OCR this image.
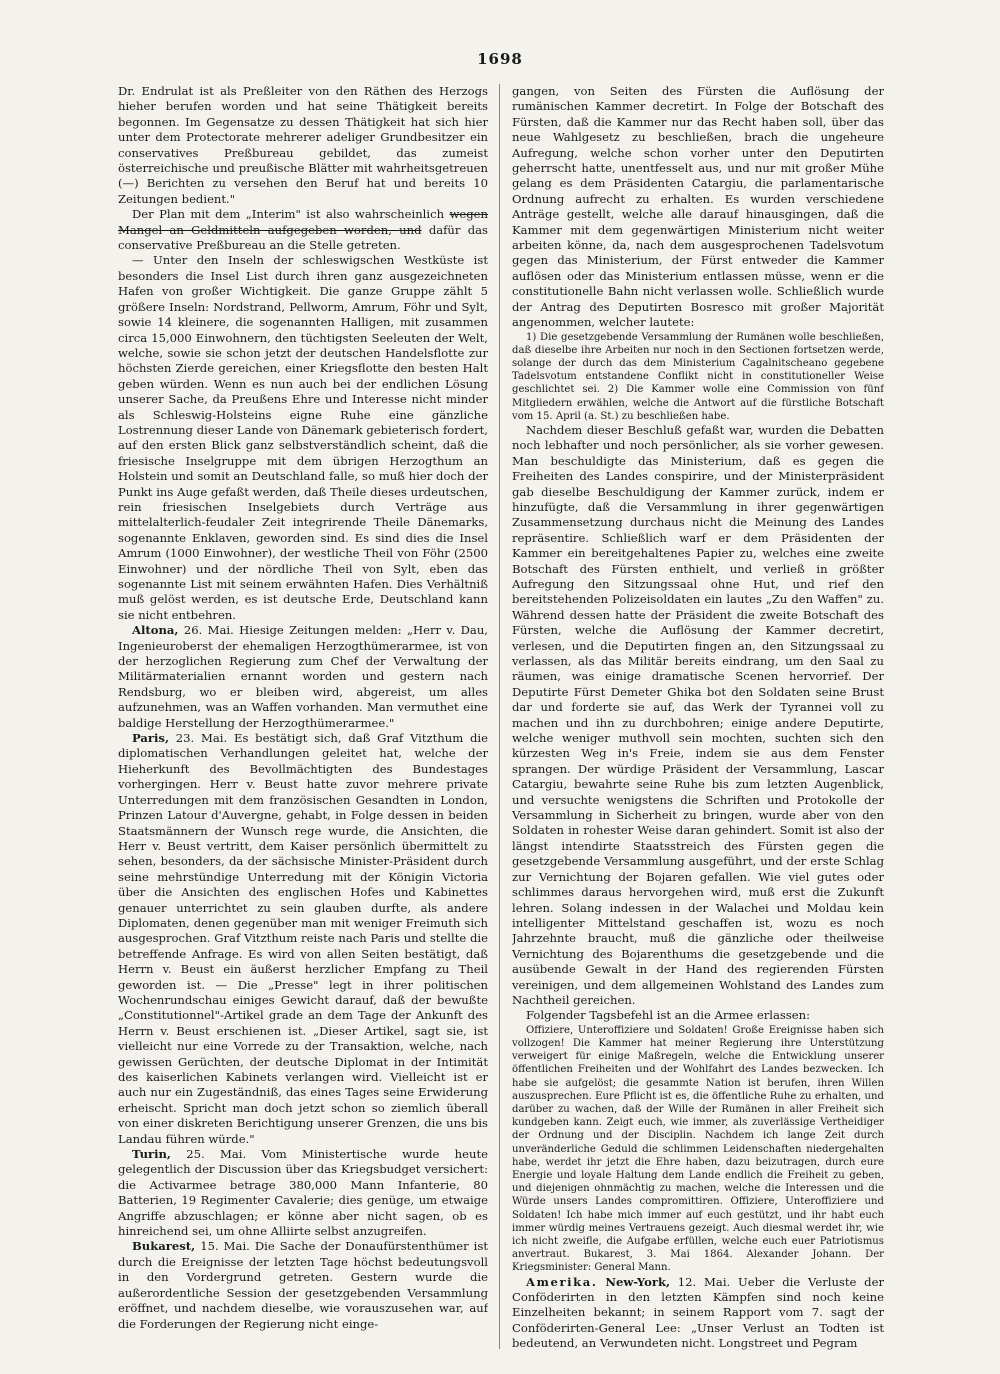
1698

Dr. Endrulat ist als Preßleiter von den Räthen des Herzogs hieher berufen worden und hat seine Thätigkeit bereits begonnen. Im Gegensatze zu dessen Thätigkeit hat sich hier unter dem Protectorate mehrerer adeliger Grundbesitzer ein conservatives Preßbureau gebildet, das zumeist österreichische und preußische Blätter mit wahrheitsgetreuen (—) Berichten zu versehen den Beruf hat und bereits 10 Zeitungen bedient."

Der Plan mit dem „Interim" ist also wahrscheinlich wegen Mangel an Geldmitteln aufgegeben worden, und dafür das conservative Preßbureau an die Stelle getreten.

— Unter den Inseln der schleswigschen Westküste ist besonders die Insel List durch ihren ganz ausgezeichneten Hafen von großer Wichtigkeit. Die ganze Gruppe zählt 5 größere Inseln: Nordstrand, Pellworm, Amrum, Föhr und Sylt, sowie 14 kleinere, die sogenannten Halligen, mit zusammen circa 15,000 Einwohnern, den tüchtigsten Seeleuten der Welt, welche, sowie sie schon jetzt der deutschen Handelsflotte zur höchsten Zierde gereichen, einer Kriegsflotte den besten Halt geben würden. Wenn es nun auch bei der endlichen Lösung unserer Sache, da Preußens Ehre und Interesse nicht minder als Schleswig-Holsteins eigne Ruhe eine gänzliche Lostrennung dieser Lande von Dänemark gebieterisch fordert, auf den ersten Blick ganz selbstverständlich scheint, daß die friesische Inselgruppe mit dem übrigen Herzogthum an Holstein und somit an Deutschland falle, so muß hier doch der Punkt ins Auge gefaßt werden, daß Theile dieses urdeutschen, rein friesischen Inselgebiets durch Verträge aus mittelalterlich-feudaler Zeit integrirende Theile Dänemarks, sogenannte Enklaven, geworden sind. Es sind dies die Insel Amrum (1000 Einwohner), der westliche Theil von Föhr (2500 Einwohner) und der nördliche Theil von Sylt, eben das sogenannte List mit seinem erwähnten Hafen. Dies Verhältniß muß gelöst werden, es ist deutsche Erde, Deutschland kann sie nicht entbehren.

Altona, 26. Mai. Hiesige Zeitungen melden: „Herr v. Dau, Ingenieuroberst der ehemaligen Herzogthümerarmee, ist von der herzoglichen Regierung zum Chef der Verwaltung der Militärmaterialien ernannt worden und gestern nach Rendsburg, wo er bleiben wird, abgereist, um alles aufzunehmen, was an Waffen vorhanden. Man vermuthet eine baldige Herstellung der Herzogthümerarmee."

Paris, 23. Mai. Es bestätigt sich, daß Graf Vitzthum die diplomatischen Verhandlungen geleitet hat, welche der Hieherkunft des Bevollmächtigten des Bundestages vorhergingen. Herr v. Beust hatte zuvor mehrere private Unterredungen mit dem französischen Gesandten in London, Prinzen Latour d'Auvergne, gehabt, in Folge dessen in beiden Staatsmännern der Wunsch rege wurde, die Ansichten, die Herr v. Beust vertritt, dem Kaiser persönlich übermittelt zu sehen, besonders, da der sächsische Minister-Präsident durch seine mehrstündige Unterredung mit der Königin Victoria über die Ansichten des englischen Hofes und Kabinettes genauer unterrichtet zu sein glauben durfte, als andere Diplomaten, denen gegenüber man mit weniger Freimuth sich ausgesprochen. Graf Vitzthum reiste nach Paris und stellte die betreffende Anfrage. Es wird von allen Seiten bestätigt, daß Herrn v. Beust ein äußerst herzlicher Empfang zu Theil geworden ist. — Die „Presse" legt in ihrer politischen Wochenrundschau einiges Gewicht darauf, daß der bewußte „Constitutionnel"-Artikel grade an dem Tage der Ankunft des Herrn v. Beust erschienen ist. „Dieser Artikel, sagt sie, ist vielleicht nur eine Vorrede zu der Transaktion, welche, nach gewissen Gerüchten, der deutsche Diplomat in der Intimität des kaiserlichen Kabinets verlangen wird. Vielleicht ist er auch nur ein Zugeständniß, das eines Tages seine Erwiderung erheischt. Spricht man doch jetzt schon so ziemlich überall von einer diskreten Berichtigung unserer Grenzen, die uns bis Landau führen würde."

Turin, 25. Mai. Vom Ministertische wurde heute gelegentlich der Discussion über das Kriegsbudget versichert: die Activarmee betrage 380,000 Mann Infanterie, 80 Batterien, 19 Regimenter Cavalerie; dies genüge, um etwaige Angriffe abzuschlagen; er könne aber nicht sagen, ob es hinreichend sei, um ohne Alliirte selbst anzugreifen.

Bukarest, 15. Mai. Die Sache der Donaufürstenthümer ist durch die Ereignisse der letzten Tage höchst bedeutungsvoll in den Vordergrund getreten. Gestern wurde die außerordentliche Session der gesetzgebenden Versammlung eröffnet, und nachdem dieselbe, wie vorauszusehen war, auf die Forderungen der Regierung nicht einge-

gangen, von Seiten des Fürsten die Auflösung der rumänischen Kammer decretirt. In Folge der Botschaft des Fürsten, daß die Kammer nur das Recht haben soll, über das neue Wahlgesetz zu beschließen, brach die ungeheure Aufregung, welche schon vorher unter den Deputirten geherrscht hatte, unentfesselt aus, und nur mit großer Mühe gelang es dem Präsidenten Catargiu, die parlamentarische Ordnung aufrecht zu erhalten. Es wurden verschiedene Anträge gestellt, welche alle darauf hinausgingen, daß die Kammer mit dem gegenwärtigen Ministerium nicht weiter arbeiten könne, da, nach dem ausgesprochenen Tadelsvotum gegen das Ministerium, der Fürst entweder die Kammer auflösen oder das Ministerium entlassen müsse, wenn er die constitutionelle Bahn nicht verlassen wolle. Schließlich wurde der Antrag des Deputirten Bosresco mit großer Majorität angenommen, welcher lautete:

1) Die gesetzgebende Versammlung der Rumänen wolle beschließen, daß dieselbe ihre Arbeiten nur noch in den Sectionen fortsetzen werde, solange der durch das dem Ministerium Cagalnitscheano gegebene Tadelsvotum entstandene Conflikt nicht in constitutioneller Weise geschlichtet sei. 2) Die Kammer wolle eine Commission von fünf Mitgliedern erwählen, welche die Antwort auf die fürstliche Botschaft vom 15. April (a. St.) zu beschließen habe.

Nachdem dieser Beschluß gefaßt war, wurden die Debatten noch lebhafter und noch persönlicher, als sie vorher gewesen. Man beschuldigte das Ministerium, daß es gegen die Freiheiten des Landes conspirire, und der Ministerpräsident gab dieselbe Beschuldigung der Kammer zurück, indem er hinzufügte, daß die Versammlung in ihrer gegenwärtigen Zusammensetzung durchaus nicht die Meinung des Landes repräsentire. Schließlich warf er dem Präsidenten der Kammer ein bereitgehaltenes Papier zu, welches eine zweite Botschaft des Fürsten enthielt, und verließ in größter Aufregung den Sitzungssaal ohne Hut, und rief den bereitstehenden Polizeisoldaten ein lautes „Zu den Waffen" zu. Während dessen hatte der Präsident die zweite Botschaft des Fürsten, welche die Auflösung der Kammer decretirt, verlesen, und die Deputirten fingen an, den Sitzungssaal zu verlassen, als das Militär bereits eindrang, um den Saal zu räumen, was einige dramatische Scenen hervorrief. Der Deputirte Fürst Demeter Ghika bot den Soldaten seine Brust dar und forderte sie auf, das Werk der Tyrannei voll zu machen und ihn zu durchbohren; einige andere Deputirte, welche weniger muthvoll sein mochten, suchten sich den kürzesten Weg in's Freie, indem sie aus dem Fenster sprangen. Der würdige Präsident der Versammlung, Lascar Catargiu, bewahrte seine Ruhe bis zum letzten Augenblick, und versuchte wenigstens die Schriften und Protokolle der Versammlung in Sicherheit zu bringen, wurde aber von den Soldaten in rohester Weise daran gehindert. Somit ist also der längst intendirte Staatsstreich des Fürsten gegen die gesetzgebende Versammlung ausgeführt, und der erste Schlag zur Vernichtung der Bojaren gefallen. Wie viel gutes oder schlimmes daraus hervorgehen wird, muß erst die Zukunft lehren. Solang indessen in der Walachei und Moldau kein intelligenter Mittelstand geschaffen ist, wozu es noch Jahrzehnte braucht, muß die gänzliche oder theilweise Vernichtung des Bojarenthums die gesetzgebende und die ausübende Gewalt in der Hand des regierenden Fürsten vereinigen, und dem allgemeinen Wohlstand des Landes zum Nachtheil gereichen.

Folgender Tagsbefehl ist an die Armee erlassen:

Offiziere, Unteroffiziere und Soldaten! Große Ereignisse haben sich vollzogen! Die Kammer hat meiner Regierung ihre Unterstützung verweigert für einige Maßregeln, welche die Entwicklung unserer öffentlichen Freiheiten und der Wohlfahrt des Landes bezwecken. Ich habe sie aufgelöst; die gesammte Nation ist berufen, ihren Willen auszusprechen. Eure Pflicht ist es, die öffentliche Ruhe zu erhalten, und darüber zu wachen, daß der Wille der Rumänen in aller Freiheit sich kundgeben kann. Zeigt euch, wie immer, als zuverlässige Vertheidiger der Ordnung und der Disciplin. Nachdem ich lange Zeit durch unveränderliche Geduld die schlimmen Leidenschaften niedergehalten habe, werdet ihr jetzt die Ehre haben, dazu beizutragen, durch eure Energie und loyale Haltung dem Lande endlich die Freiheit zu geben, und diejenigen ohnmächtig zu machen, welche die Interessen und die Würde unsers Landes compromittiren. Offiziere, Unteroffiziere und Soldaten! Ich habe mich immer auf euch gestützt, und ihr habt euch immer würdig meines Vertrauens gezeigt. Auch diesmal werdet ihr, wie ich nicht zweifle, die Aufgabe erfüllen, welche euch euer Patriotismus anvertraut. Bukarest, 3. Mai 1864. Alexander Johann. Der Kriegsminister: General Mann.

Amerika. New-York, 12. Mai. Ueber die Verluste der Conföderirten in den letzten Kämpfen sind noch keine Einzelheiten bekannt; in seinem Rapport vom 7. sagt der Conföderirten-General Lee: „Unser Verlust an Todten ist bedeutend, an Verwundeten nicht. Longstreet und Pegram
